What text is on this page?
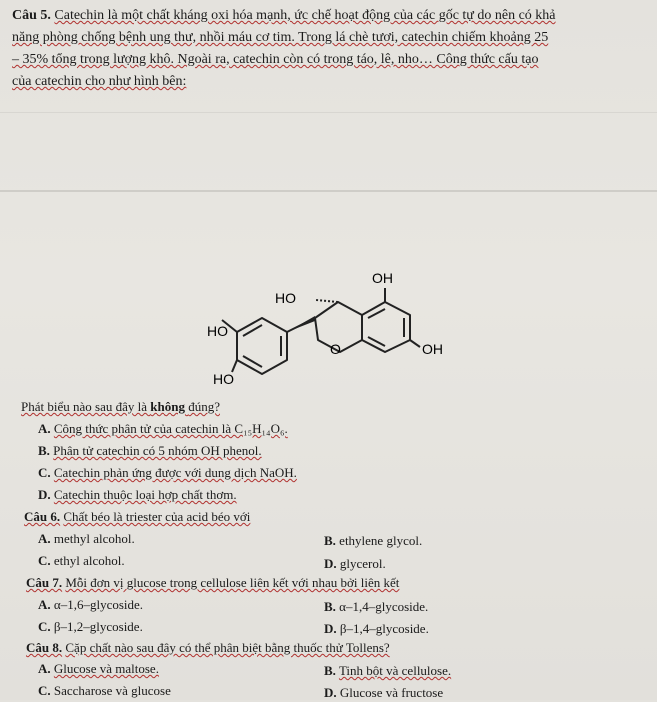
Câu 5. Catechin là một chất kháng oxi hóa mạnh, ức chế hoạt động của các gốc tự do nên có khả
năng phòng chống bệnh ung thư, nhồi máu cơ tim. Trong lá chè tươi, catechin chiếm khoảng 25
– 35% tổng trong lượng khô. Ngoài ra, catechin còn có trong táo, lê, nho… Công thức cấu tạo
của catechin cho như hình bên:
OH
HO
HO
O	OH
HO
Phát biểu nào sau đây là không đúng?
A. Công thức phân tử của catechin là C₁₅H₁₄O₆.
B. Phân tử catechin có 5 nhóm OH phenol.
C. Catechin phản ứng được với dung dịch NaOH.
D. Catechin thuộc loại hợp chất thơm.
Câu 6. Chất béo là triester của acid béo với
A. methyl alcohol.	B. ethylene glycol.
C. ethyl alcohol.	D. glycerol.
Câu 7. Mỗi đơn vị glucose trong cellulose liên kết với nhau bởi liên kết
A. α–1,6–glycoside.	B. α–1,4–glycoside.
C. β–1,2–glycoside.	D. β–1,4–glycoside.
Câu 8. Cặp chất nào sau đây có thể phân biệt bằng thuốc thử Tollens?
A. Glucose và maltose.	B. Tinh bột và cellulose.
C. Saccharose và glucose	D. Glucose và fructose
